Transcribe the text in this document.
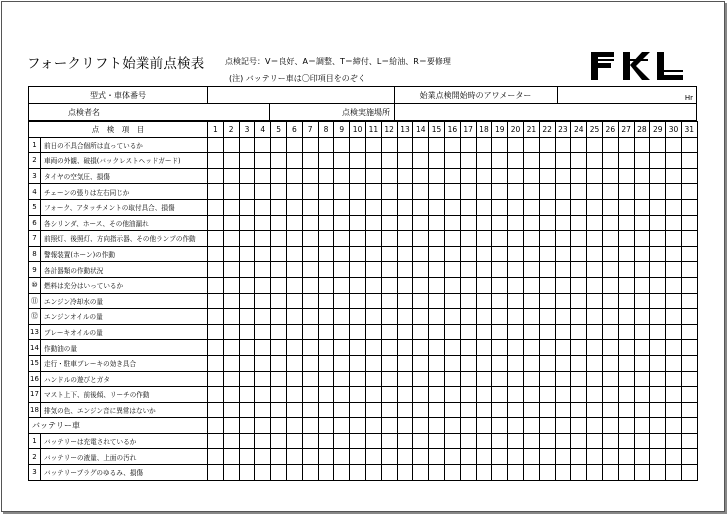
フォークリフト始業前点検表	点検記号：V＝良好、A＝調整、T＝締付、L＝給油、R＝要修理
(注) バッテリー車は〇印項目をのぞく
FKL
型式・車体番号	始業点検開始時のアワメーター	Hr
点検者名	点検実施場所
点　検　項　目		1	2	3	4	5	6	7	8	9	10	11	12	13	14	15	16	17	18	19	20	21	22	23	24	25	26	27	28	29	30	31
1	前日の不具合個所は直っているか																															
2	車両の外観、破損(バックレストヘッドガード)																															
3	タイヤの空気圧、損傷																															
4	チェーンの張りは左右同じか																															
5	フォーク、アタッチメントの取付具合、損傷																															
6	各シリンダ、ホース、その他油漏れ																															
7	前照灯、後照灯、方向指示器、その他ランプの作動																															
8	警報装置(ホーン)の作動																															
9	各計器類の作動状況																															
⑩	燃料は充分はいっているか																															
⑪	エンジン冷却水の量																															
⑫	エンジンオイルの量																															
13	ブレーキオイルの量																															
14	作動油の量																															
15	走行・駐車ブレーキの効き具合																															
16	ハンドルの遊びとガタ																															
17	マスト上下、前後傾、リーチの作動																															
18	排気の色、エンジン音に異常はないか																															
バッテリー車																																
1	バッテリーは充電されているか																															
2	バッテリーの液量、上面の汚れ																															
3	バッテリープラグのゆるみ、損傷																															
